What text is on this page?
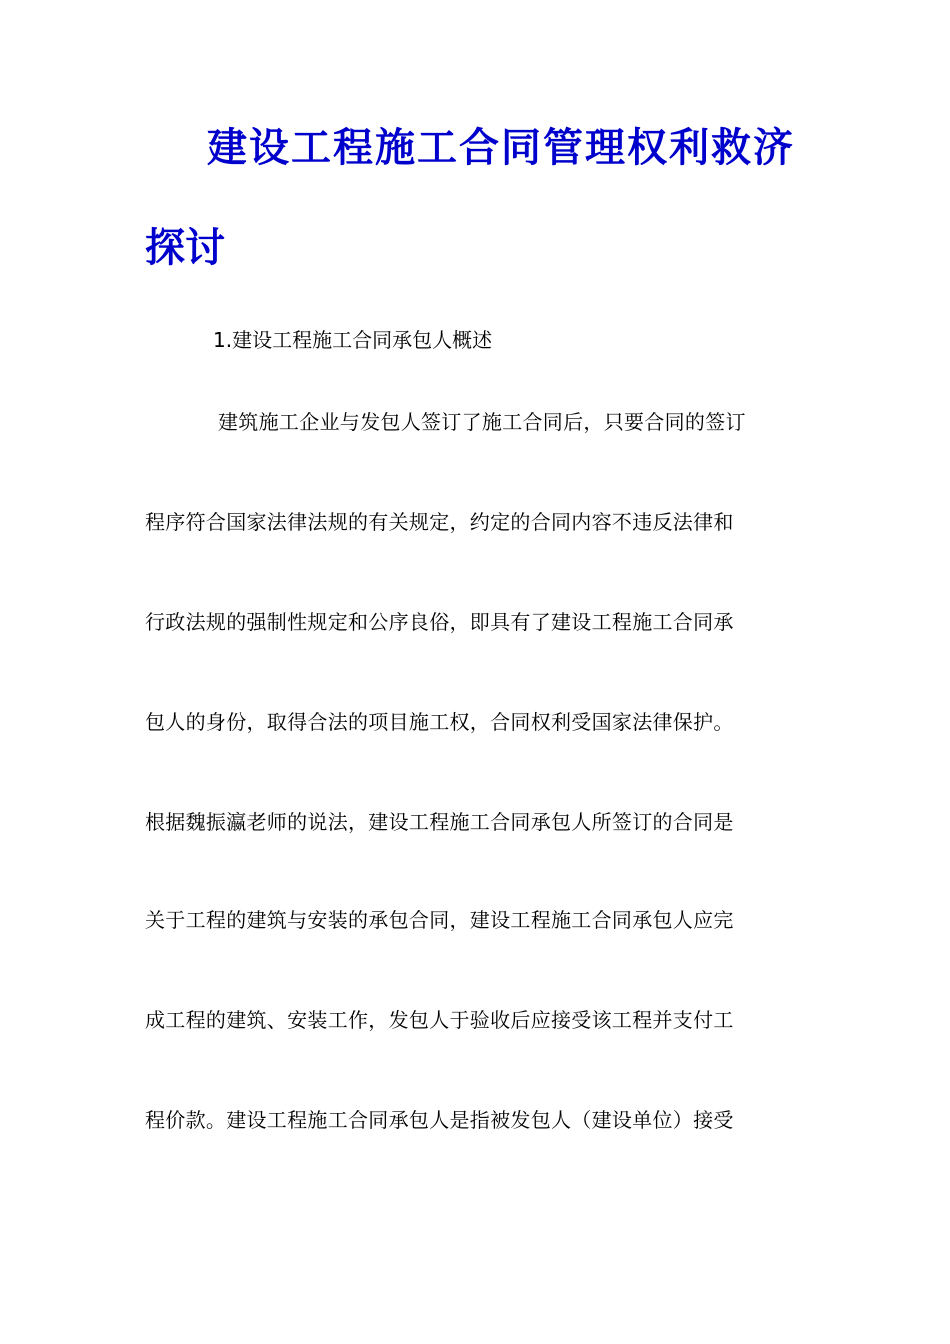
建设工程施工合同管理权利救济
探讨
1.建设工程施工合同承包人概述
建筑施工企业与发包人签订了施工合同后，只要合同的签订
程序符合国家法律法规的有关规定，约定的合同内容不违反法律和
行政法规的强制性规定和公序良俗，即具有了建设工程施工合同承
包人的身份，取得合法的项目施工权，合同权利受国家法律保护。
根据魏振瀛老师的说法，建设工程施工合同承包人所签订的合同是
关于工程的建筑与安装的承包合同，建设工程施工合同承包人应完
成工程的建筑、安装工作，发包人于验收后应接受该工程并支付工
程价款。建设工程施工合同承包人是指被发包人（建设单位）接受
